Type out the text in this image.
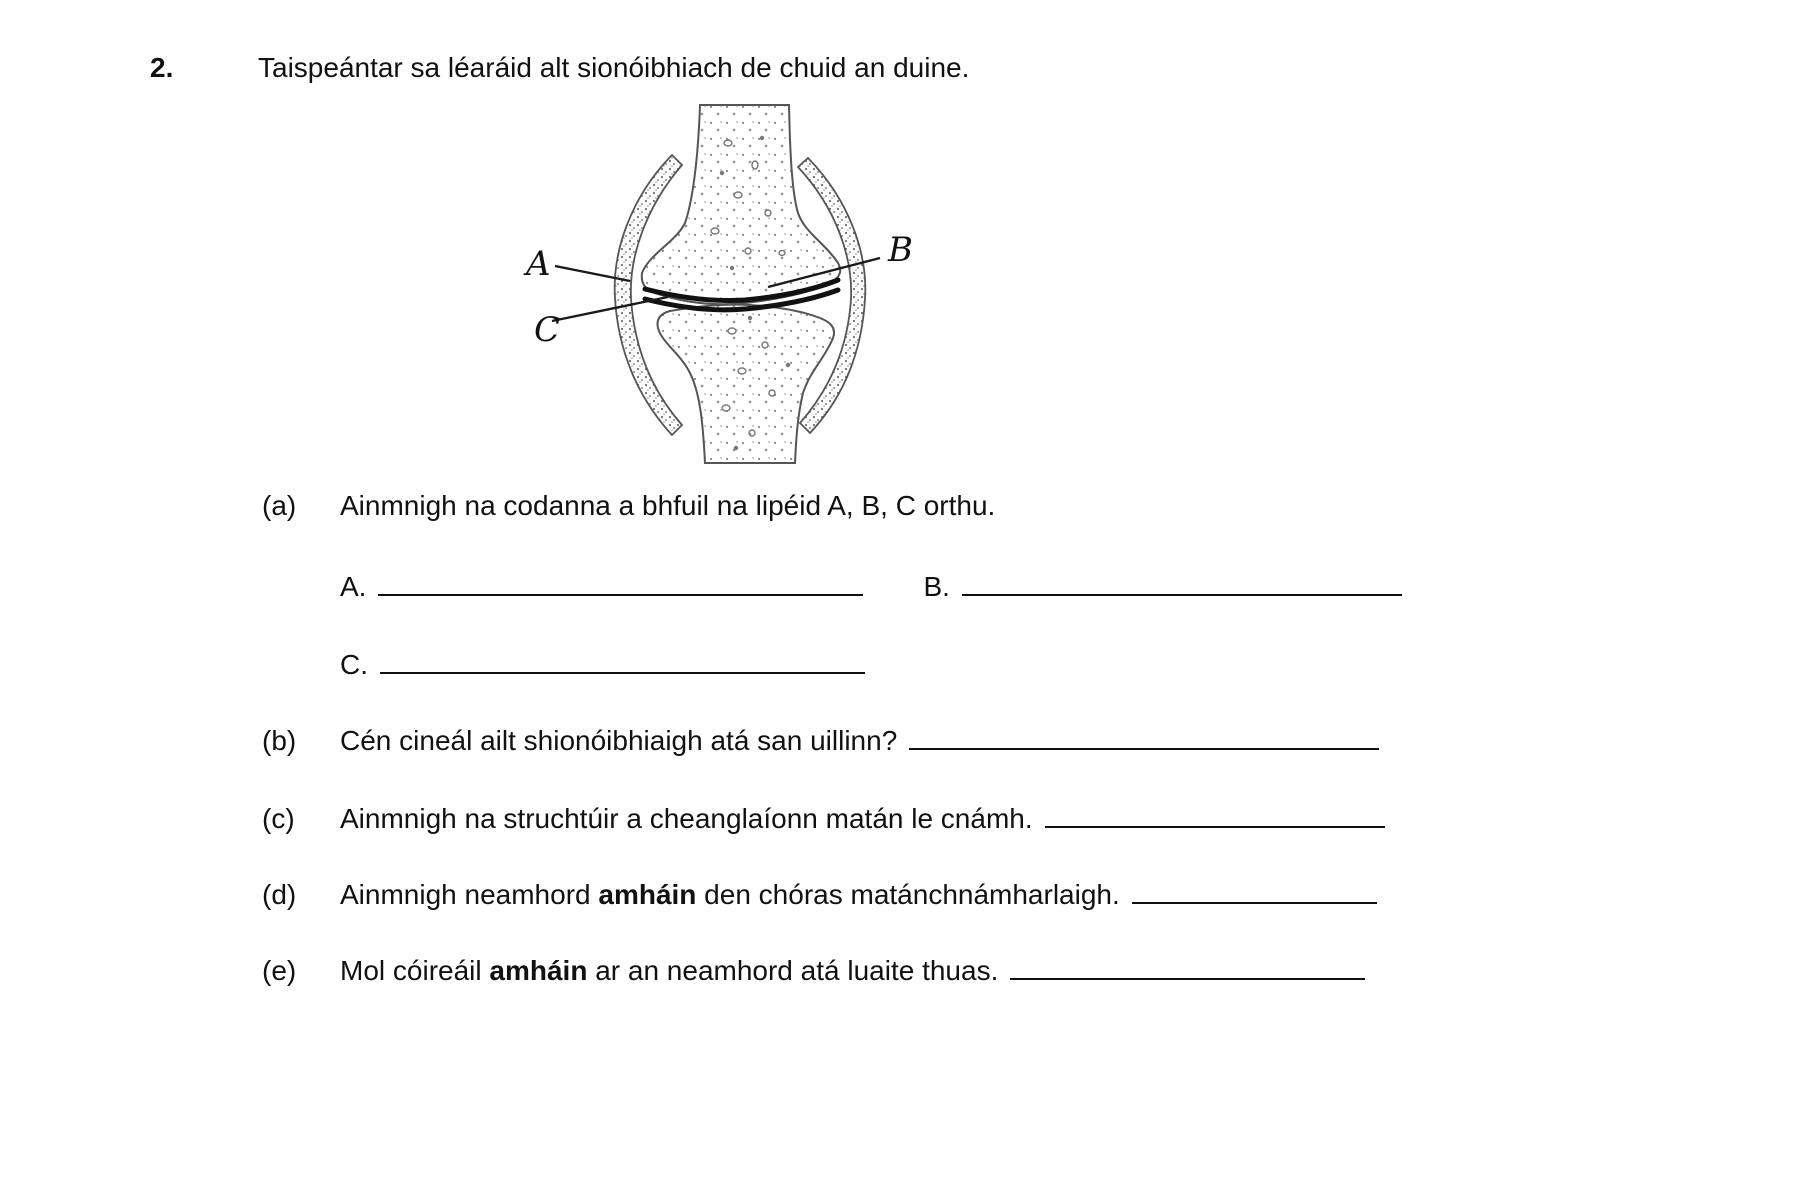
2.	Taispeántar sa léaráid alt sionóibhiach de chuid an duine.
A	B
C
(a)	Ainmnigh na codanna a bhfuil na lipéid A, B, C orthu.
A.	B.
C.
(b)	Cén cineál ailt shionóibhiaigh atá san uillinn?
(c)	Ainmnigh na struchtúir a cheanglaíonn matán le cnámh.
(d)	Ainmnigh neamhord amháin den chóras matánchnámharlaigh.
(e)	Mol cóireáil amháin ar an neamhord atá luaite thuas.
